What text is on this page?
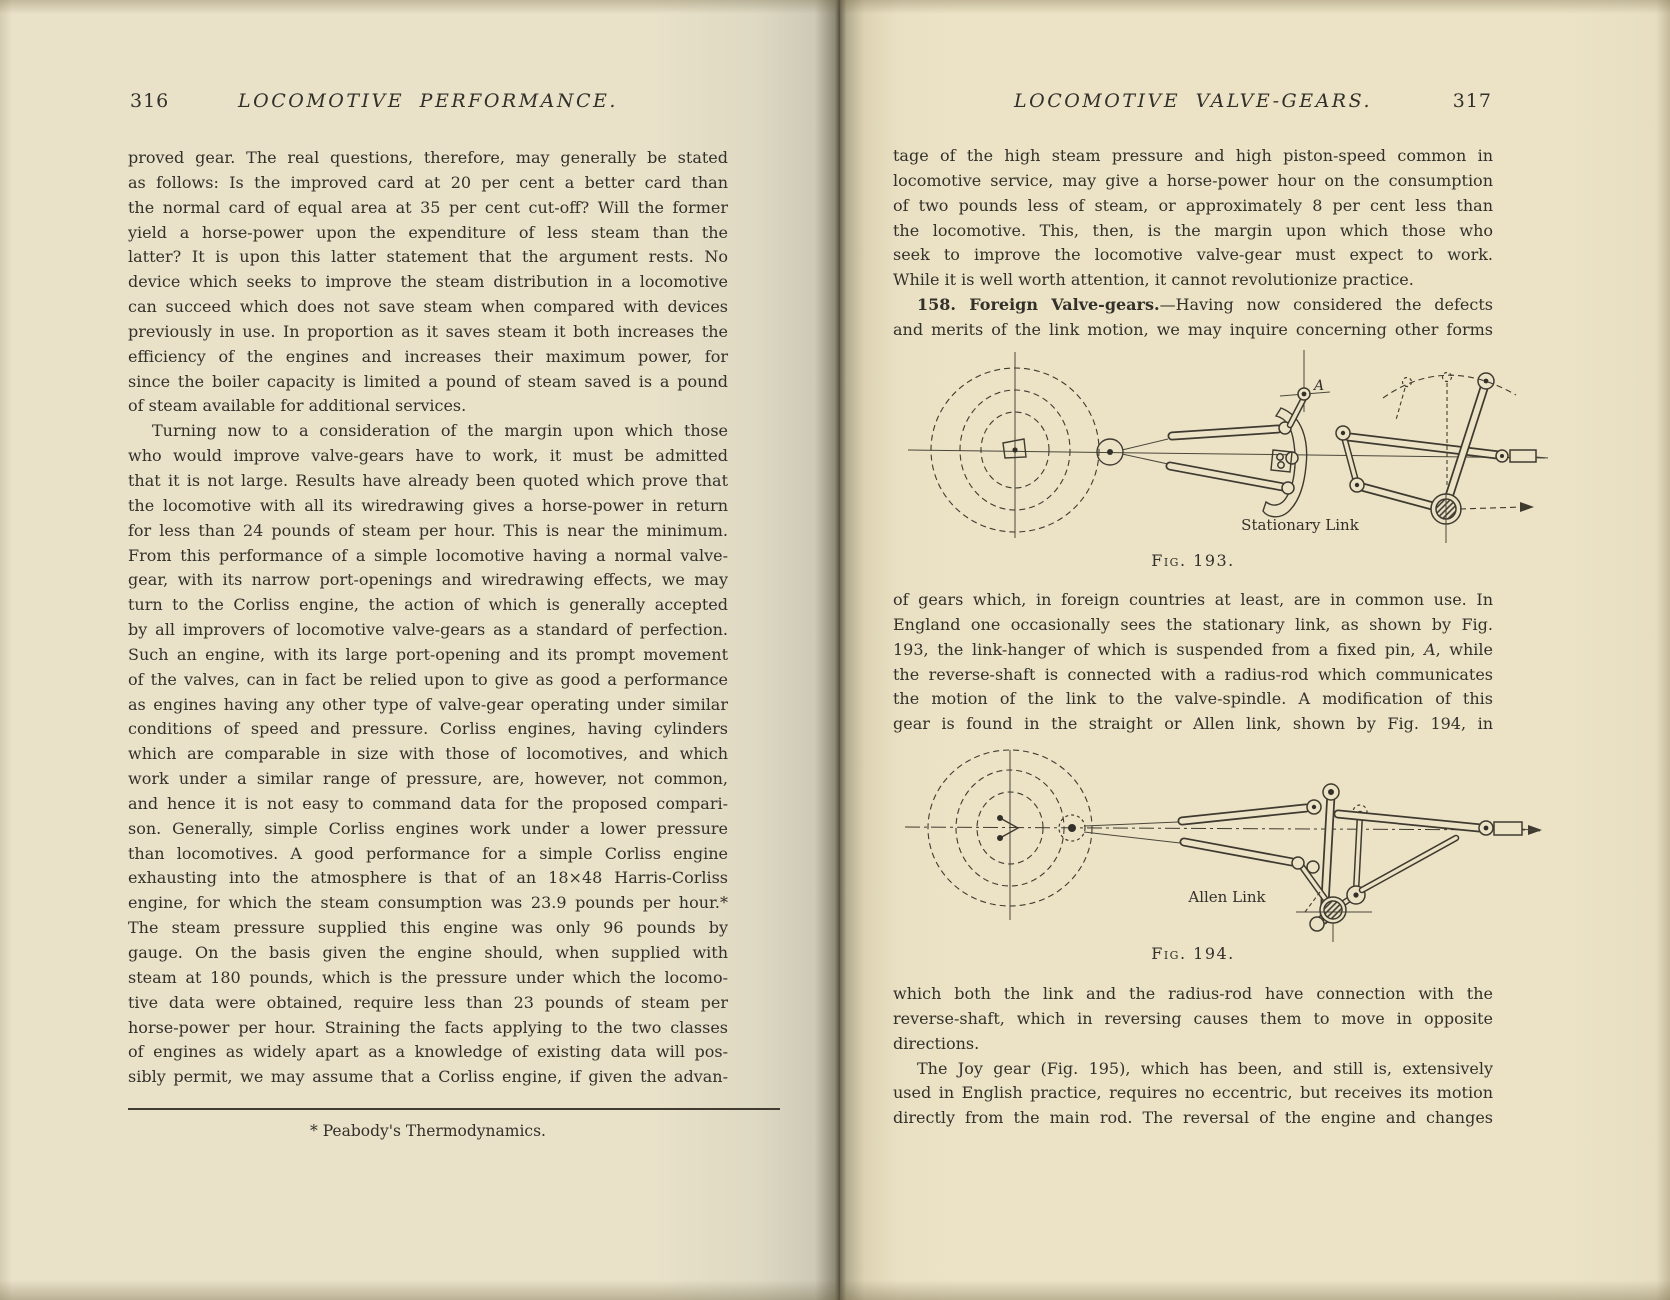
316	LOCOMOTIVE PERFORMANCE.
proved gear. The real questions, therefore, may generally be stated
as follows: Is the improved card at 20 per cent a better card than
the normal card of equal area at 35 per cent cut-off? Will the former
yield a horse-power upon the expenditure of less steam than the
latter? It is upon this latter statement that the argument rests. No
device which seeks to improve the steam distribution in a locomotive
can succeed which does not save steam when compared with devices
previously in use. In proportion as it saves steam it both increases the
efficiency of the engines and increases their maximum power, for
since the boiler capacity is limited a pound of steam saved is a pound
of steam available for additional services.
Turning now to a consideration of the margin upon which those
who would improve valve-gears have to work, it must be admitted
that it is not large. Results have already been quoted which prove that
the locomotive with all its wiredrawing gives a horse-power in return
for less than 24 pounds of steam per hour. This is near the minimum.
From this performance of a simple locomotive having a normal valve-
gear, with its narrow port-openings and wiredrawing effects, we may
turn to the Corliss engine, the action of which is generally accepted
by all improvers of locomotive valve-gears as a standard of perfection.
Such an engine, with its large port-opening and its prompt movement
of the valves, can in fact be relied upon to give as good a performance
as engines having any other type of valve-gear operating under similar
conditions of speed and pressure. Corliss engines, having cylinders
which are comparable in size with those of locomotives, and which
work under a similar range of pressure, are, however, not common,
and hence it is not easy to command data for the proposed compari-
son. Generally, simple Corliss engines work under a lower pressure
than locomotives. A good performance for a simple Corliss engine
exhausting into the atmosphere is that of an 18×48 Harris-Corliss
engine, for which the steam consumption was 23.9 pounds per hour.*
The steam pressure supplied this engine was only 96 pounds by
gauge. On the basis given the engine should, when supplied with
steam at 180 pounds, which is the pressure under which the locomo-
tive data were obtained, require less than 23 pounds of steam per
horse-power per hour. Straining the facts applying to the two classes
of engines as widely apart as a knowledge of existing data will pos-
sibly permit, we may assume that a Corliss engine, if given the advan-
* Peabody's Thermodynamics.
LOCOMOTIVE VALVE-GEARS.	317
tage of the high steam pressure and high piston-speed common in
locomotive service, may give a horse-power hour on the consumption
of two pounds less of steam, or approximately 8 per cent less than
the locomotive. This, then, is the margin upon which those who
seek to improve the locomotive valve-gear must expect to work.
While it is well worth attention, it cannot revolutionize practice.
158. Foreign Valve-gears.—Having now considered the defects
and merits of the link motion, we may inquire concerning other forms
A
Stationary Link
Fig. 193.
of gears which, in foreign countries at least, are in common use. In
England one occasionally sees the stationary link, as shown by Fig.
193, the link-hanger of which is suspended from a fixed pin, A, while
the reverse-shaft is connected with a radius-rod which communicates
the motion of the link to the valve-spindle. A modification of this
gear is found in the straight or Allen link, shown by Fig. 194, in
Allen Link
Fig. 194.
which both the link and the radius-rod have connection with the
reverse-shaft, which in reversing causes them to move in opposite
directions.
The Joy gear (Fig. 195), which has been, and still is, extensively
used in English practice, requires no eccentric, but receives its motion
directly from the main rod. The reversal of the engine and changes
